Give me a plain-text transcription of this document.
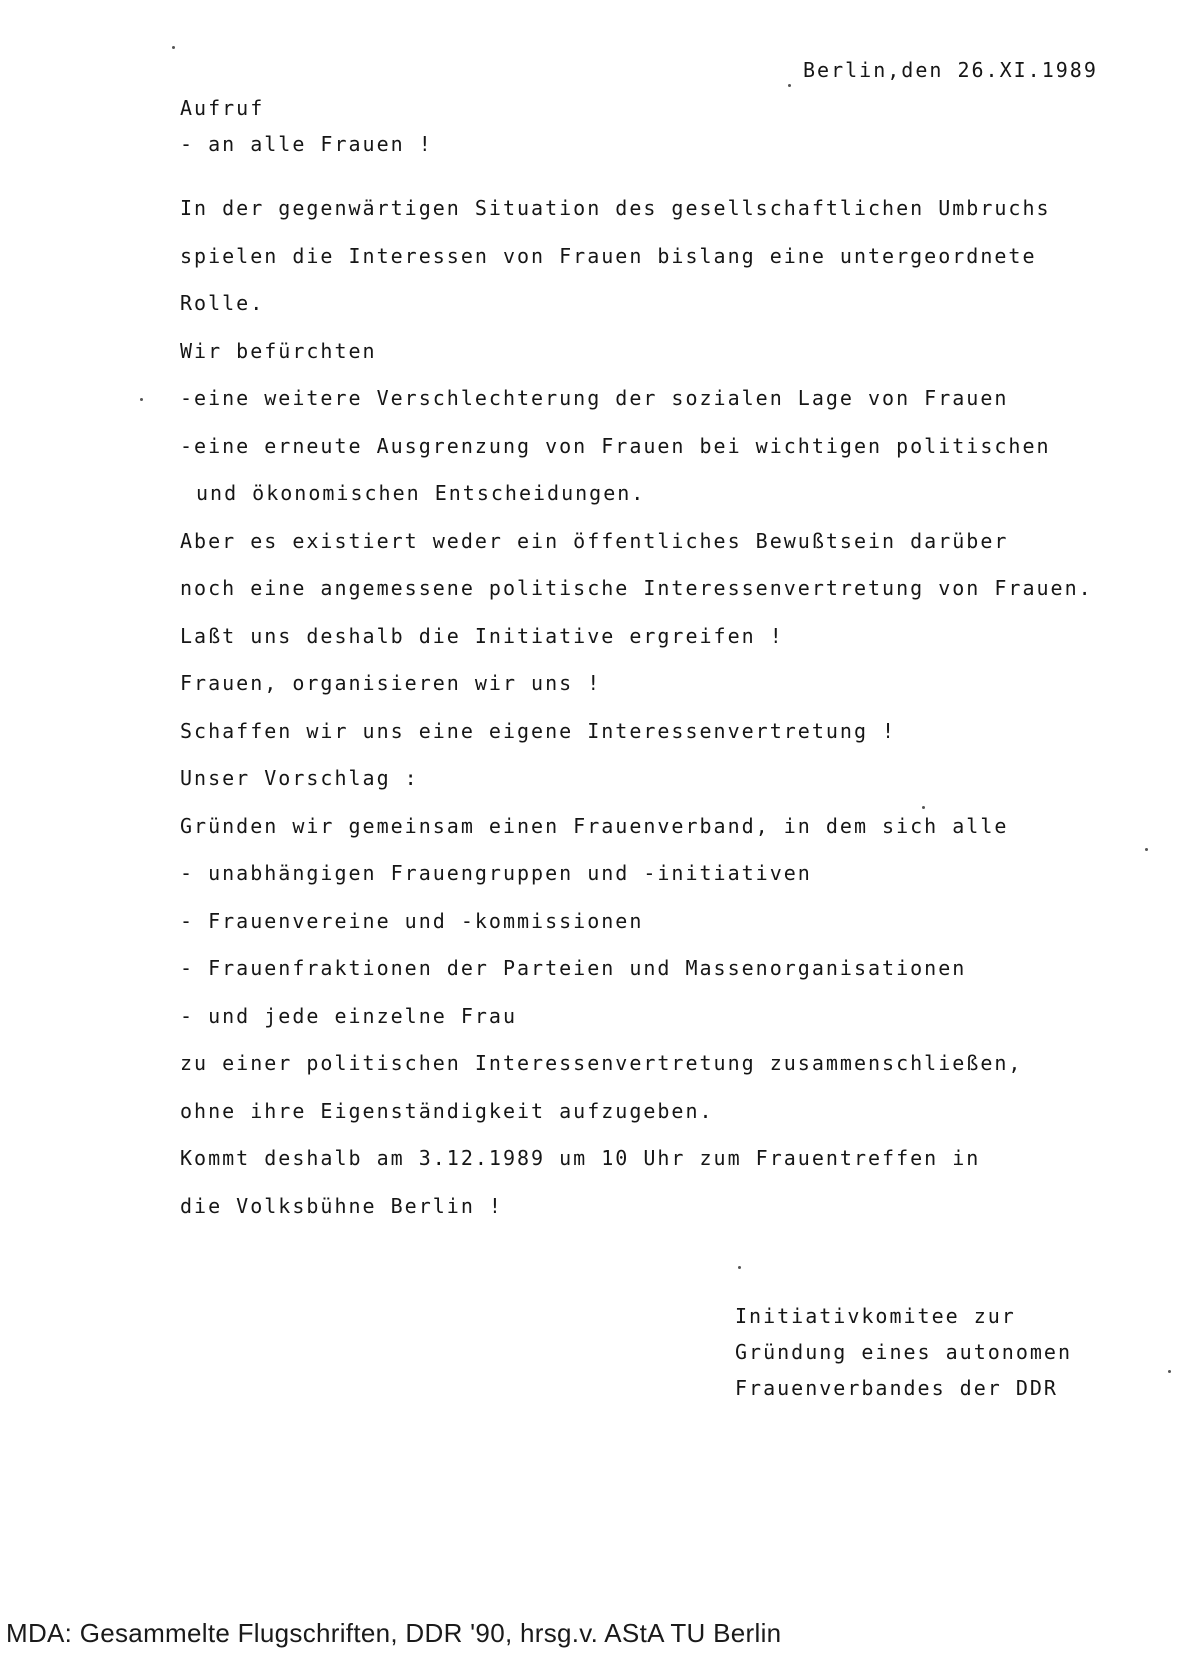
Berlin,den 26.XI.1989
Aufruf
- an alle Frauen !
In der gegenwärtigen Situation des gesellschaftlichen Umbruchs
spielen die Interessen von Frauen bislang eine untergeordnete
Rolle.
Wir befürchten
-eine weitere Verschlechterung der sozialen Lage von Frauen
-eine erneute Ausgrenzung von Frauen bei wichtigen politischen
und ökonomischen Entscheidungen.
Aber es existiert weder ein öffentliches Bewußtsein darüber
noch eine angemessene politische Interessenvertretung von Frauen.
Laßt uns deshalb die Initiative ergreifen !
Frauen, organisieren wir uns !
Schaffen wir uns eine eigene Interessenvertretung !
Unser Vorschlag :
Gründen wir gemeinsam einen Frauenverband, in dem sich alle
- unabhängigen Frauengruppen und -initiativen
- Frauenvereine und -kommissionen
- Frauenfraktionen der Parteien und Massenorganisationen
- und jede einzelne Frau
zu einer politischen Interessenvertretung zusammenschließen,
ohne ihre Eigenständigkeit aufzugeben.
Kommt deshalb am 3.12.1989 um 10 Uhr zum Frauentreffen in
die Volksbühne Berlin !
Initiativkomitee zur
Gründung eines autonomen
Frauenverbandes der DDR
MDA: Gesammelte Flugschriften, DDR '90, hrsg.v. AStA TU Berlin
